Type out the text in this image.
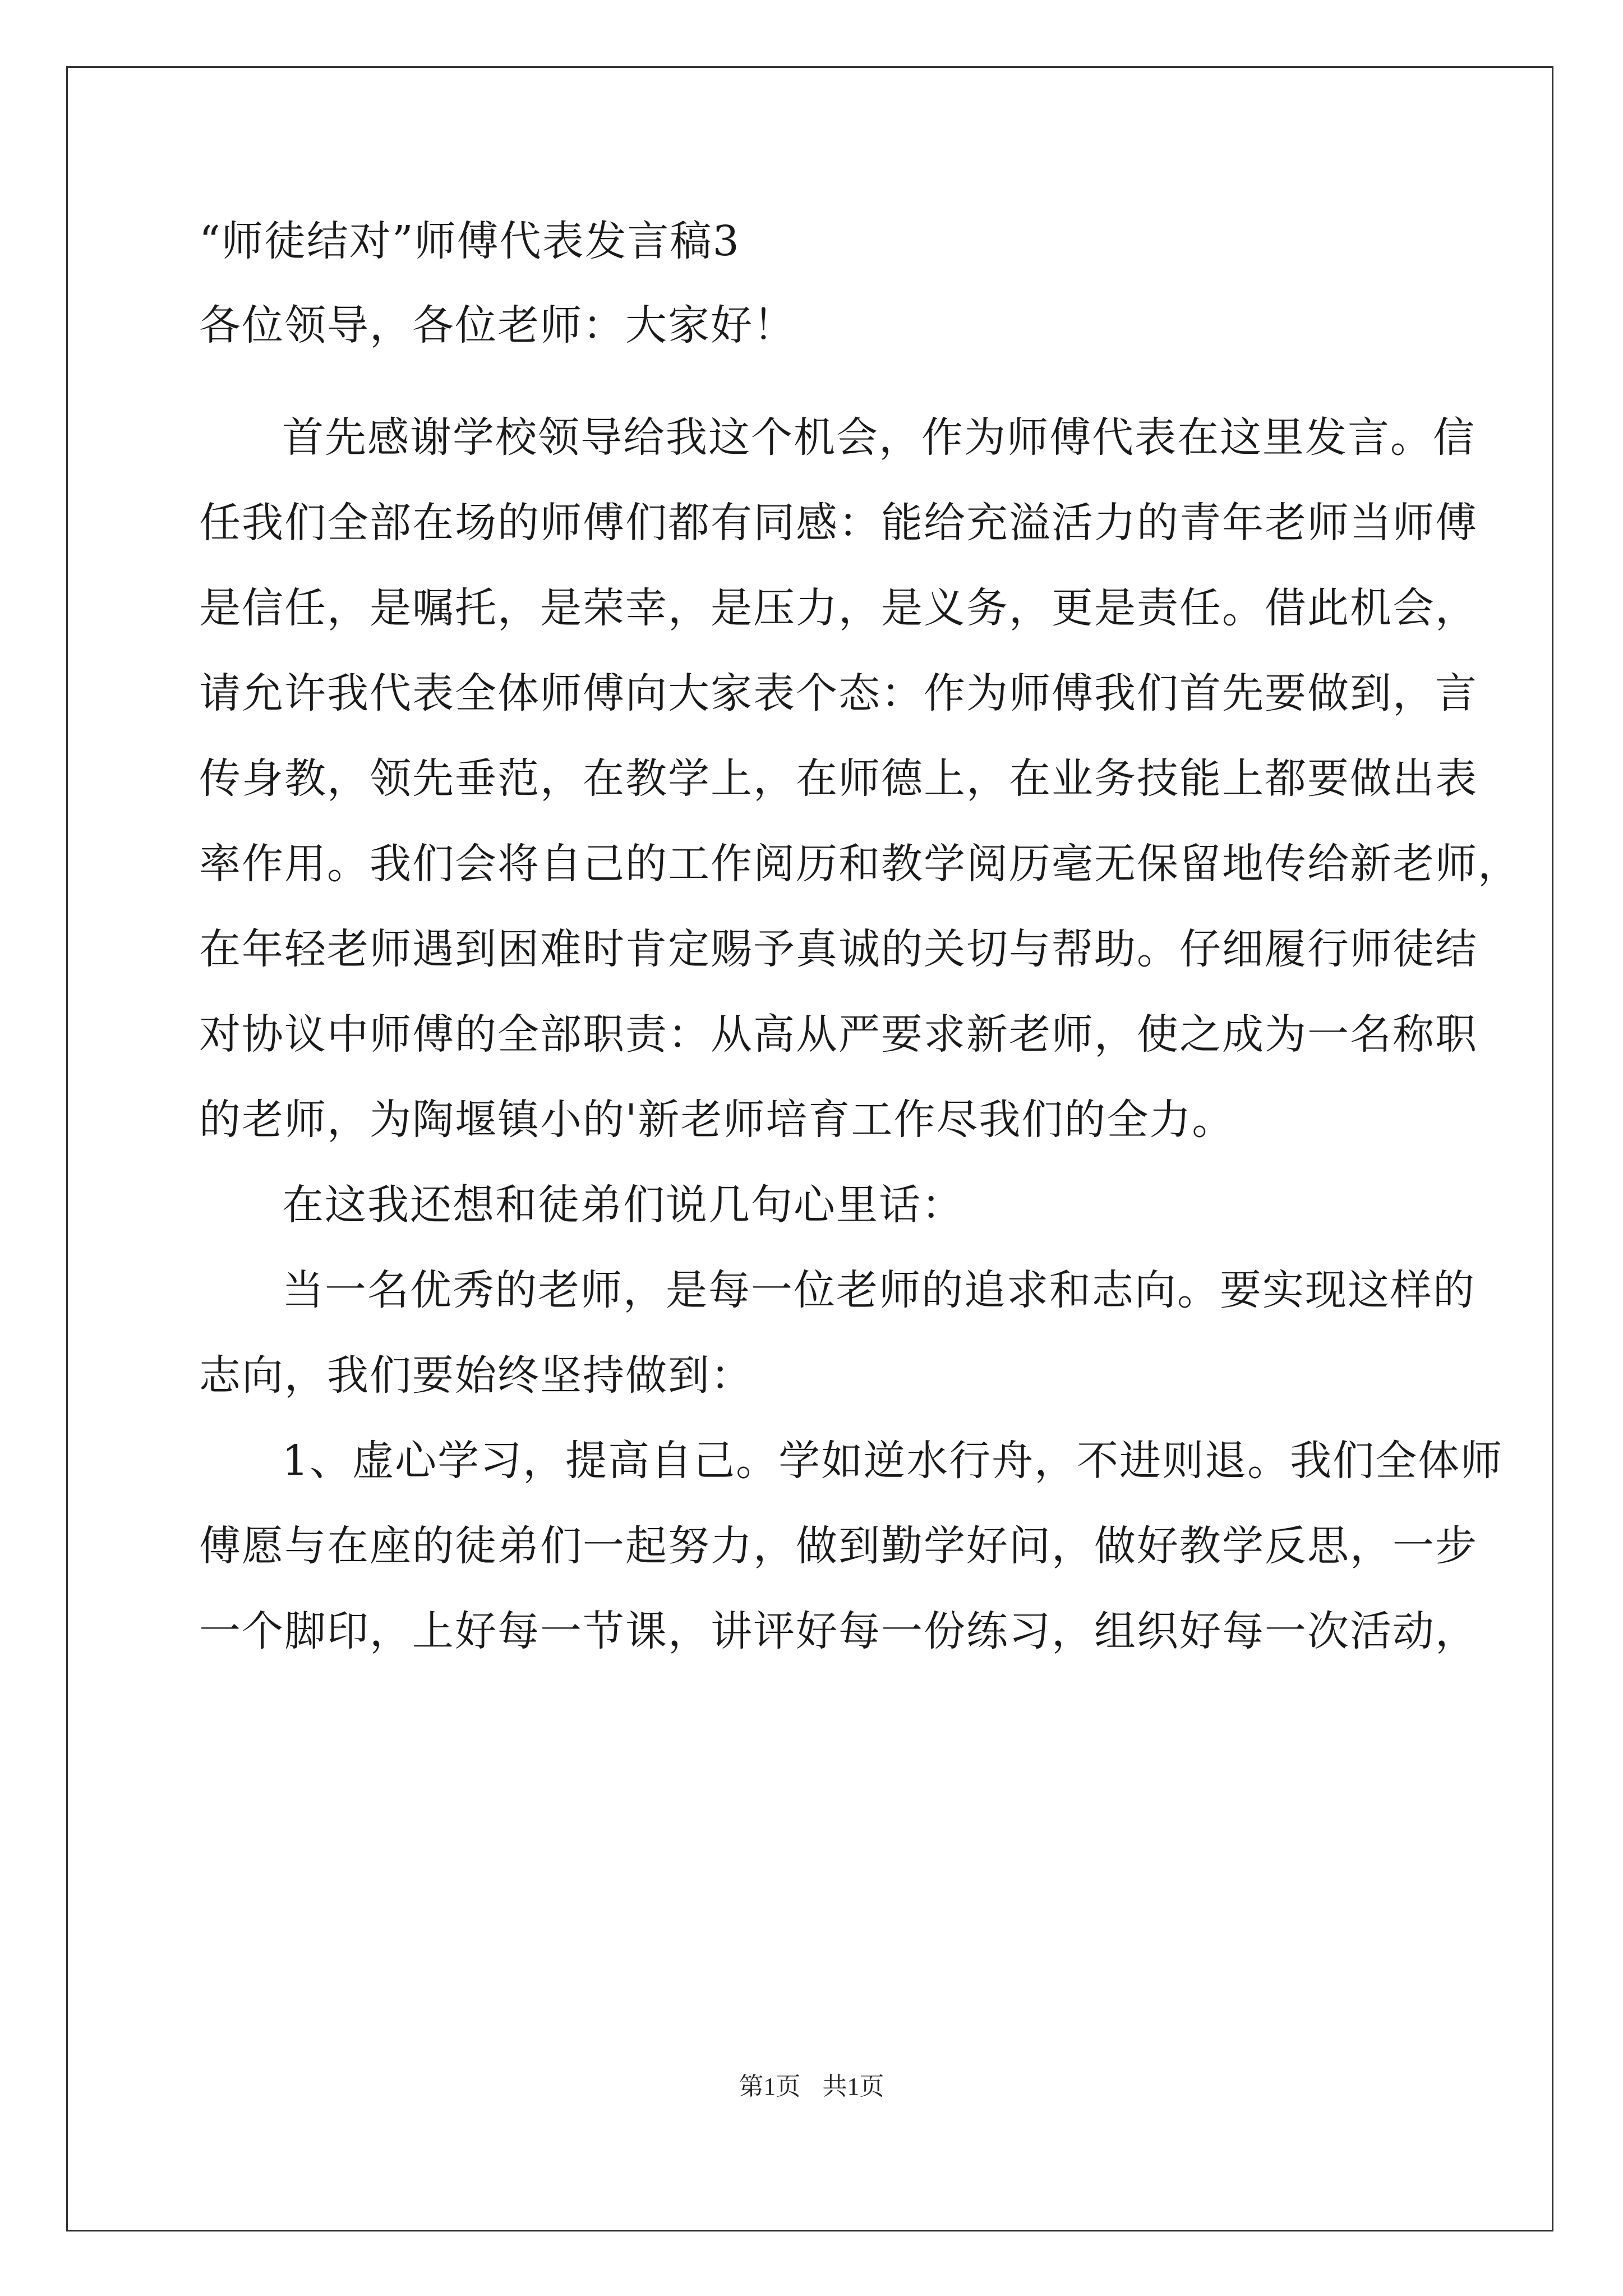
“师徒结对”师傅代表发言稿3
各位领导，各位老师：大家好！
首先感谢学校领导给我这个机会，作为师傅代表在这里发言。信
任我们全部在场的师傅们都有同感：能给充溢活力的青年老师当师傅
是信任，是嘱托，是荣幸，是压力，是义务，更是责任。借此机会，
请允许我代表全体师傅向大家表个态：作为师傅我们首先要做到，言
传身教，领先垂范，在教学上，在师德上，在业务技能上都要做出表
率作用。我们会将自己的工作阅历和教学阅历毫无保留地传给新老师，
在年轻老师遇到困难时肯定赐予真诚的关切与帮助。仔细履行师徒结
对协议中师傅的全部职责：从高从严要求新老师，使之成为一名称职
的老师，为陶堰镇小的'新老师培育工作尽我们的全力。
在这我还想和徒弟们说几句心里话：
当一名优秀的老师，是每一位老师的追求和志向。要实现这样的
志向，我们要始终坚持做到：
1、虚心学习，提高自己。学如逆水行舟，不进则退。我们全体师
傅愿与在座的徒弟们一起努力，做到勤学好问，做好教学反思，一步
一个脚印，上好每一节课，讲评好每一份练习，组织好每一次活动，
第1页 共1页
